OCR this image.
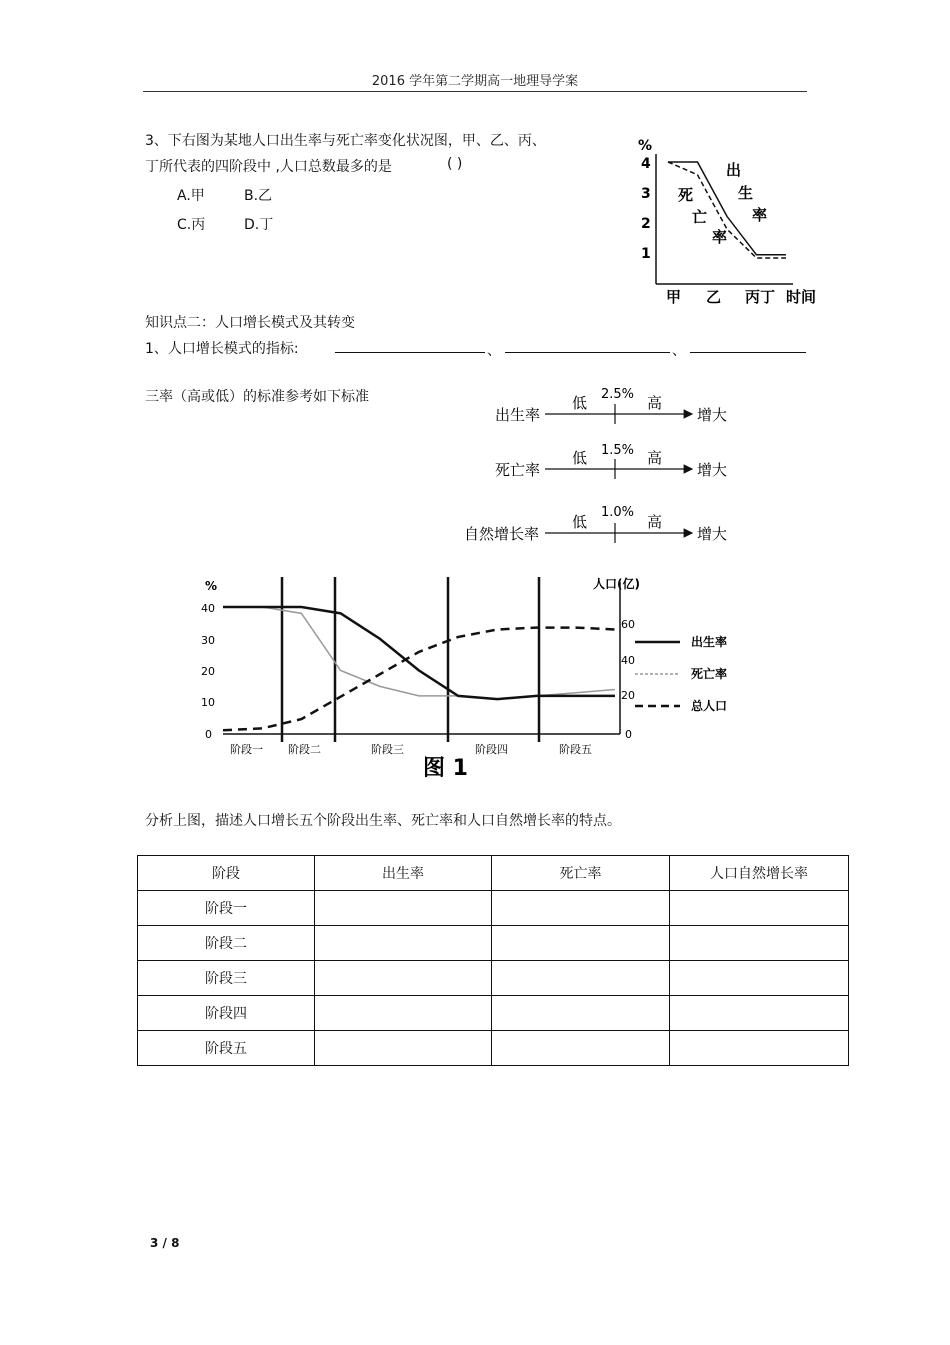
2016 学年第二学期高一地理导学案
3、下右图为某地人口出生率与死亡率变化状况图，甲、乙、丙、
丁所代表的四阶段中 ,人口总数最多的是	( )
A.甲	B.乙
C.丙	D.丁
%
4
3
2
1
出
生
率
死
亡
率
甲 乙 丙丁 时间
知识点二：人口增长模式及其转变
1、人口增长模式的指标:	、	、
三率（高或低）的标准参考如下标准
出生率
低 2.5% 高
增大
死亡率
低 1.5% 高
增大
自然增长率
低
1.0%
高
增大
%	人口(亿)
40
30
20
10
0
60
40
20
0
阶段一 阶段二	阶段三	阶段四	阶段五
出生率
死亡率
总人口
图 1
分析上图，描述人口增长五个阶段出生率、死亡率和人口自然增长率的特点。
阶段	出生率	死亡率	人口自然增长率
阶段一			
阶段二			
阶段三			
阶段四			
阶段五			
3 / 8
